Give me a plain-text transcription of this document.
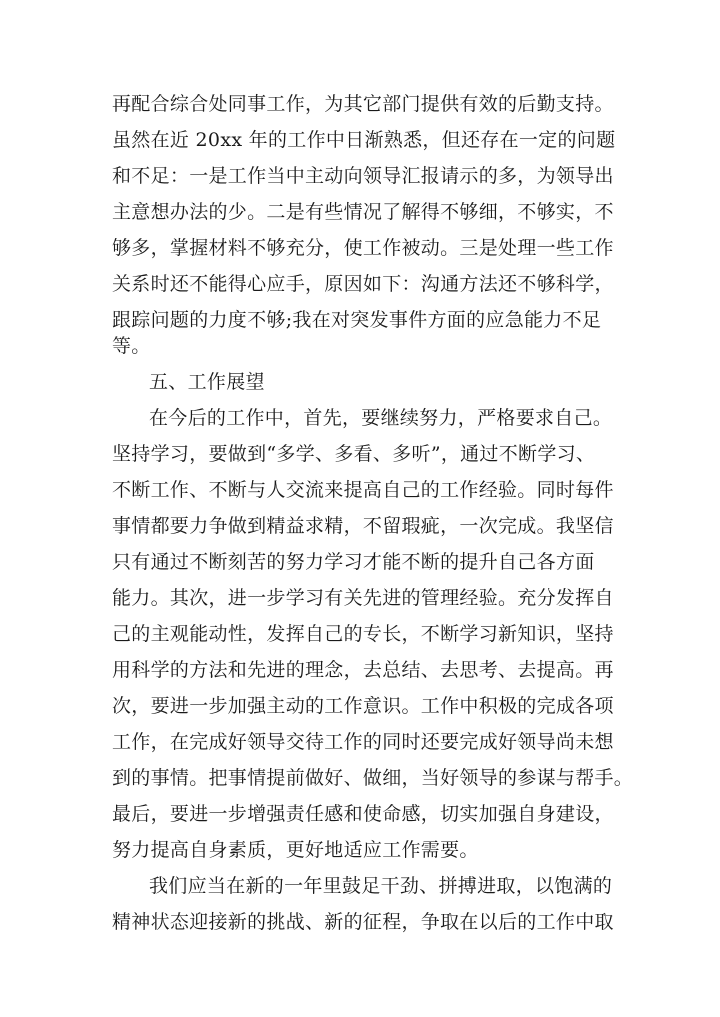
再配合综合处同事工作，为其它部门提供有效的后勤支持。
虽然在近 20xx 年的工作中日渐熟悉，但还存在一定的问题
和不足：一是工作当中主动向领导汇报请示的多，为领导出
主意想办法的少。二是有些情况了解得不够细，不够实，不
够多，掌握材料不够充分，使工作被动。三是处理一些工作
关系时还不能得心应手，原因如下：沟通方法还不够科学，
跟踪问题的力度不够;我在对突发事件方面的应急能力不足
等。
五、工作展望
在今后的工作中，首先，要继续努力，严格要求自己。
坚持学习，要做到“多学、多看、多听”，通过不断学习、
不断工作、不断与人交流来提高自己的工作经验。同时每件
事情都要力争做到精益求精，不留瑕疵，一次完成。我坚信
只有通过不断刻苦的努力学习才能不断的提升自己各方面
能力。其次，进一步学习有关先进的管理经验。充分发挥自
己的主观能动性，发挥自己的专长，不断学习新知识，坚持
用科学的方法和先进的理念，去总结、去思考、去提高。再
次，要进一步加强主动的工作意识。工作中积极的完成各项
工作，在完成好领导交待工作的同时还要完成好领导尚未想
到的事情。把事情提前做好、做细，当好领导的参谋与帮手。
最后，要进一步增强责任感和使命感，切实加强自身建设，
努力提高自身素质，更好地适应工作需要。
我们应当在新的一年里鼓足干劲、拼搏进取，以饱满的
精神状态迎接新的挑战、新的征程，争取在以后的工作中取
